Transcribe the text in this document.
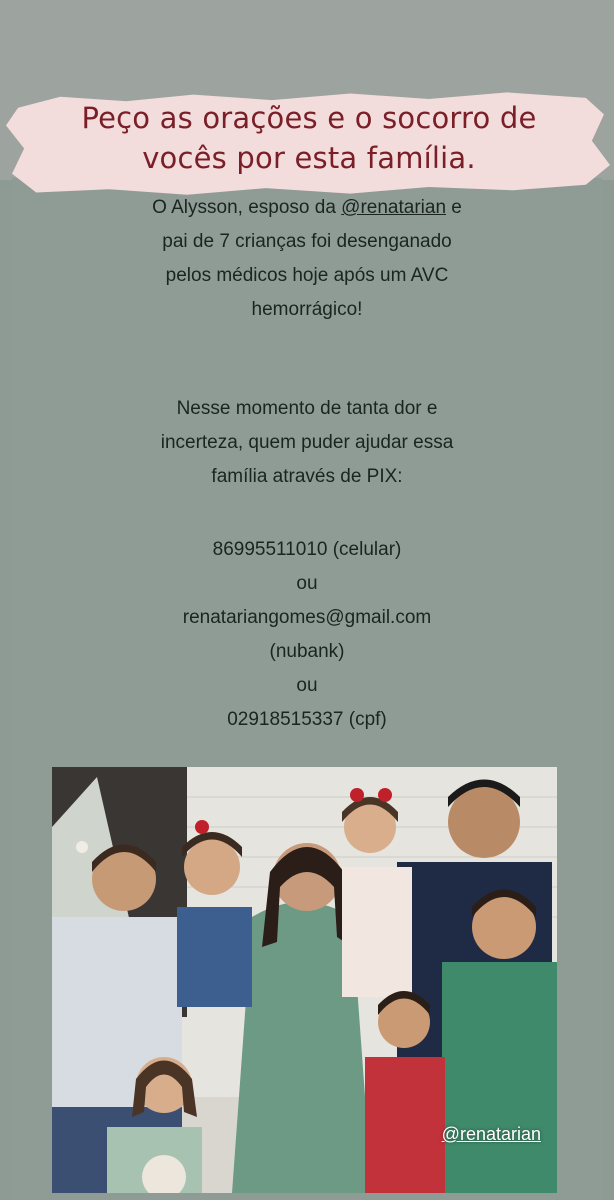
Peço as orações e o socorro de
vocês por esta família.
O Alysson, esposo da @renatarian e
pai de 7 crianças foi desenganado
pelos médicos hoje após um AVC
hemorrágico!
Nesse momento de tanta dor e
incerteza, quem puder ajudar essa
família através de PIX:
86995511010 (celular)
ou
renatariangomes@gmail.com
(nubank)
ou
02918515337 (cpf)
@renatarian
